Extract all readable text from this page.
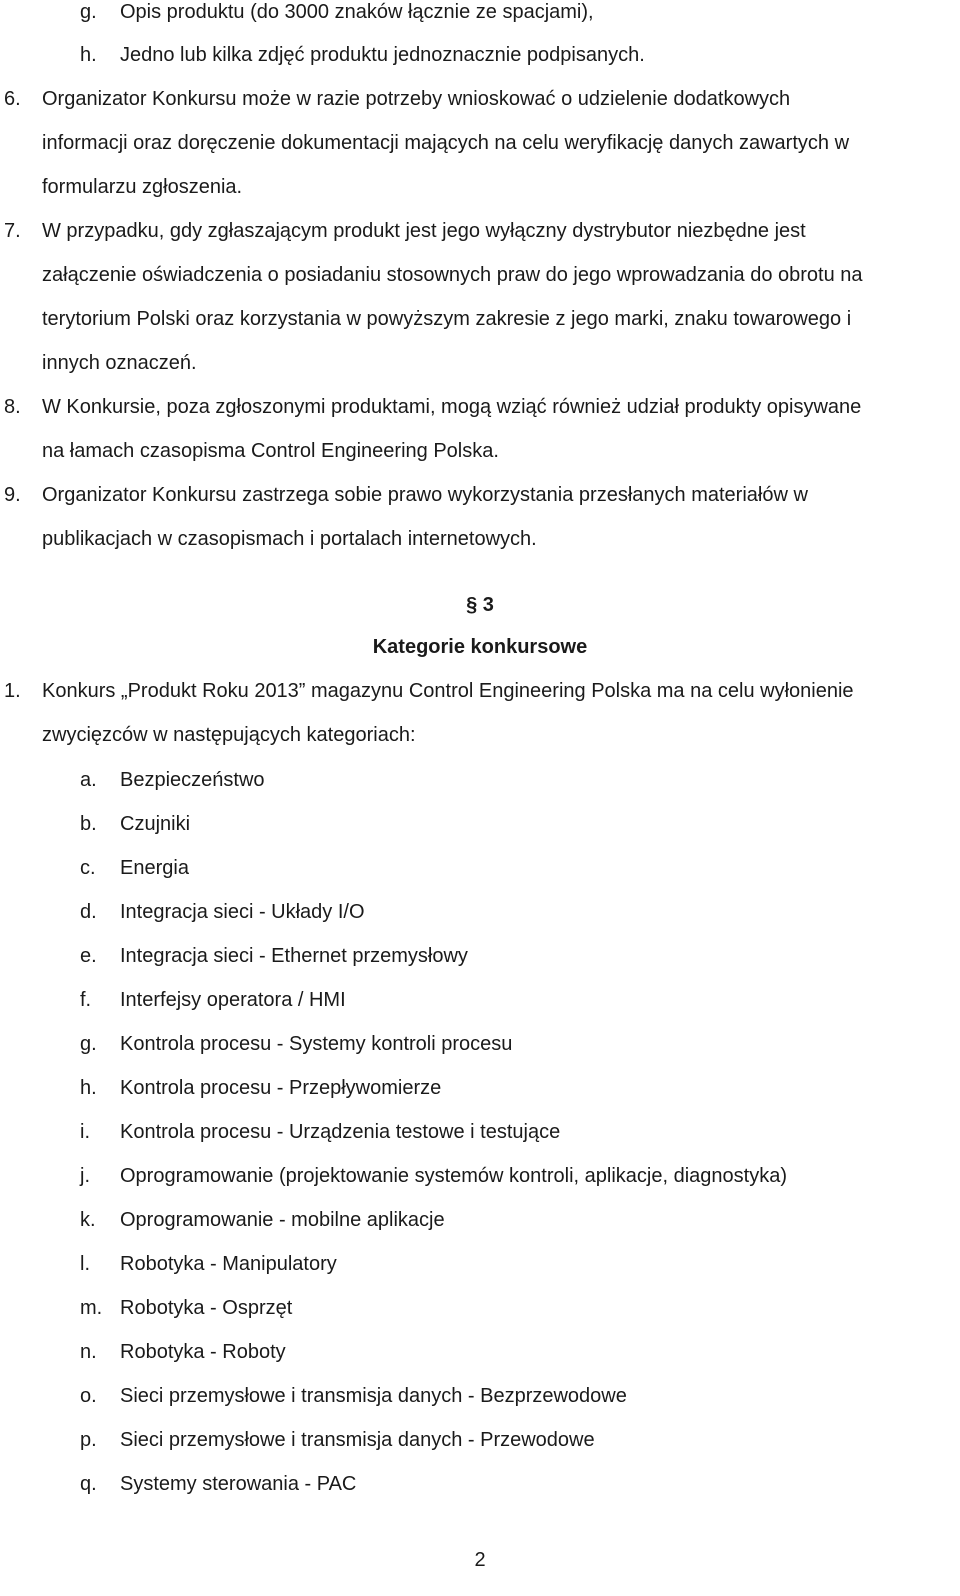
g. Opis produktu (do 3000 znaków łącznie ze spacjami),
h. Jedno lub kilka zdjęć produktu jednoznacznie podpisanych.
6. Organizator Konkursu może w razie potrzeby wnioskować o udzielenie dodatkowych
informacji oraz doręczenie dokumentacji mających na celu weryfikację danych zawartych w
formularzu zgłoszenia.
7. W przypadku, gdy zgłaszającym produkt jest jego wyłączny dystrybutor niezbędne jest
załączenie oświadczenia o posiadaniu stosownych praw do jego wprowadzania do obrotu na
terytorium Polski oraz korzystania w powyższym zakresie z jego marki, znaku towarowego i
innych oznaczeń.
8. W Konkursie, poza zgłoszonymi produktami, mogą wziąć również udział produkty opisywane
na łamach czasopisma Control Engineering Polska.
9. Organizator Konkursu zastrzega sobie prawo wykorzystania przesłanych materiałów w
publikacjach w czasopismach i portalach internetowych.
§ 3
Kategorie konkursowe
1. Konkurs „Produkt Roku 2013” magazynu Control Engineering Polska ma na celu wyłonienie
zwycięzców w następujących kategoriach:
a. Bezpieczeństwo
b. Czujniki
c. Energia
d. Integracja sieci - Układy I/O
e. Integracja sieci - Ethernet przemysłowy
f. Interfejsy operatora / HMI
g. Kontrola procesu - Systemy kontroli procesu
h. Kontrola procesu - Przepływomierze
i. Kontrola procesu - Urządzenia testowe i testujące
j. Oprogramowanie (projektowanie systemów kontroli, aplikacje, diagnostyka)
k. Oprogramowanie - mobilne aplikacje
l. Robotyka - Manipulatory
m. Robotyka - Osprzęt
n. Robotyka - Roboty
o. Sieci przemysłowe i transmisja danych - Bezprzewodowe
p. Sieci przemysłowe i transmisja danych - Przewodowe
q. Systemy sterowania - PAC
2
